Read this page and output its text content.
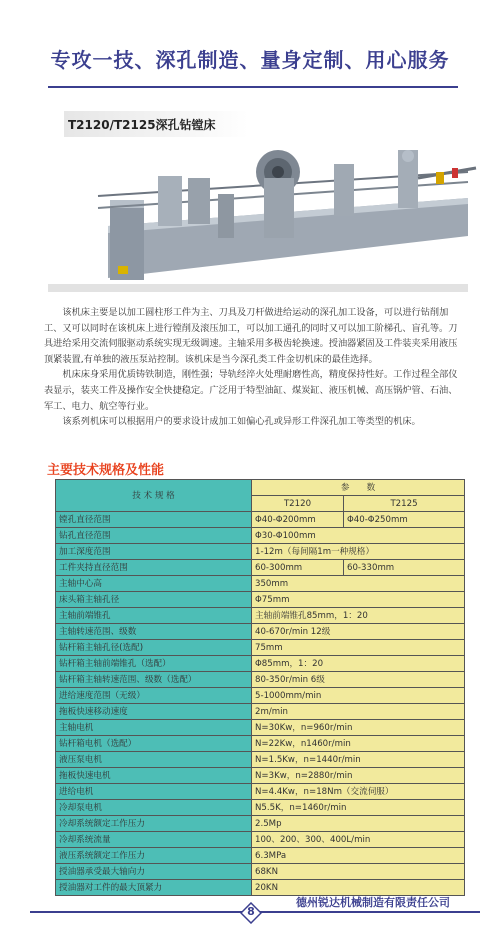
专攻一技、深孔制造、量身定制、用心服务
T2120/T2125深孔钻镗床

该机床主要是以加工圆柱形工件为主、刀具及刀杆做进给运动的深孔加工设备，可以进行钻削加工、又可以同时在该机床上进行镗削及滚压加工，可以加工通孔的同时又可以加工阶梯孔、盲孔等。刀具进给采用交流伺服驱动系统实现无级调速。主轴采用多极齿轮换速。授油器紧固及工件装夹采用液压顶紧装置,有单独的液压泵站控制。该机床是当今深孔类工件金切机床的最佳选择。

机床床身采用优质铸铁制造，刚性强；导轨经淬火处理耐磨性高，精度保持性好。工作过程全部仪表显示，装夹工件及操作安全快捷稳定。广泛用于特型油缸、煤炭缸、液压机械、高压锅炉管、石油、军工、电力、航空等行业。

该系列机床可以根据用户的要求设计成加工如偏心孔或异形工件深孔加工等类型的机床。

主要技术规格及性能
技 术 规 格	参　　数	
	T2120	T2125
镗孔直径范围	Φ40-Φ200mm	Φ40-Φ250mm
钻孔直径范围	Φ30-Φ100mm	
加工深度范围	1-12m（每间隔1m一种规格）	
工件夹持直径范围	60-300mm	60-330mm
主轴中心高	350mm	
床头箱主轴孔径	Φ75mm	
主轴前端锥孔	主轴前端锥孔85mm，1：20	
主轴转速范围、级数	40-670r/min 12级	
钻杆箱主轴孔径(选配)	75mm	
钻杆箱主轴前端锥孔（选配）	Φ85mm，1：20	
钻杆箱主轴转速范围、级数（选配）	80-350r/min 6级	
进给速度范围（无级）	5-1000mm/min	
拖板快速移动速度	2m/min	
主轴电机	N=30Kw，n=960r/min	
钻杆箱电机（选配）	N=22Kw，n1460r/min	
液压泵电机	N=1.5Kw，n=1440r/min	
拖板快速电机	N=3Kw，n=2880r/min	
进给电机	N=4.4Kw，n=18Nm（交流伺服）	
冷却泵电机	N5.5K，n=1460r/min	
冷却系统额定工作压力	2.5Mp	
冷却系统流量	100、200、300、400L/min	
液压系统额定工作压力	6.3MPa	
授油器承受最大轴向力	68KN	
授油器对工件的最大顶紧力	20KN	
德州锐达机械制造有限责任公司
8
